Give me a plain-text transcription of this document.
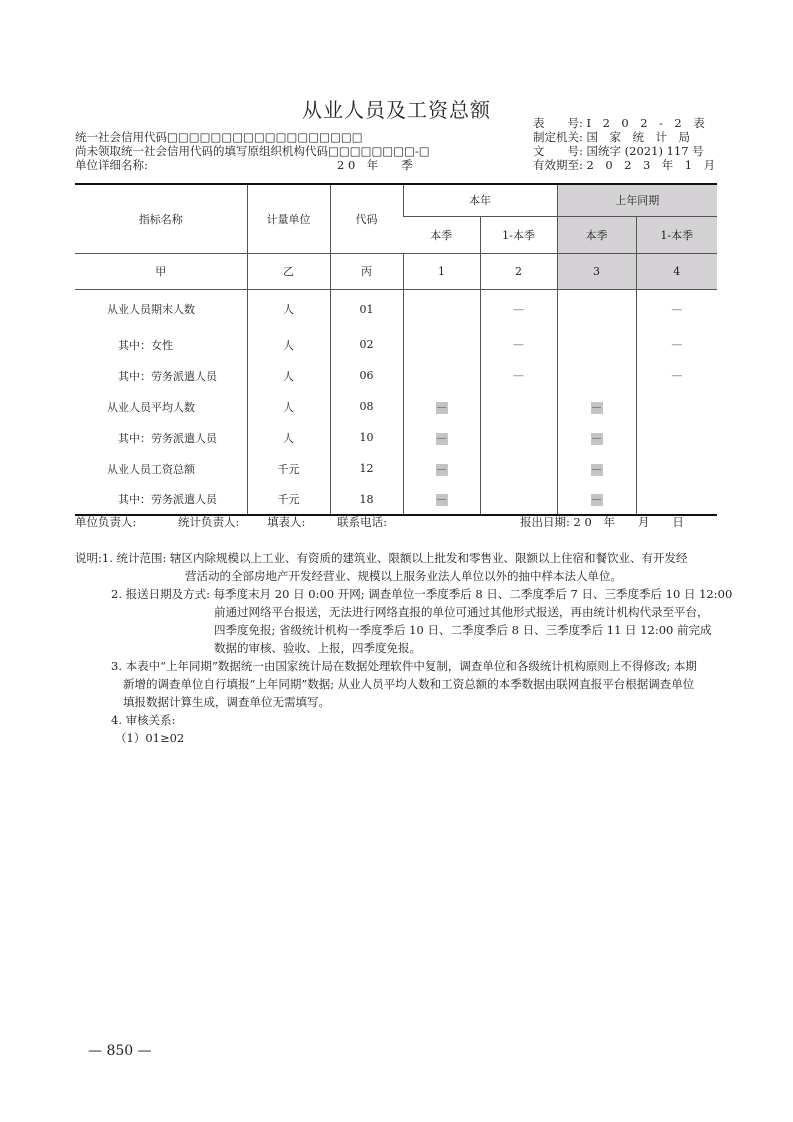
从业人员及工资总额
统一社会信用代码□□□□□□□□□□□□□□□□□□
尚未领取统一社会信用代码的填写原组织机构代码□□□□□□□□-□
单位详细名称:	2 0　年　　季
表　　号: I　2　0　2　-　2　表
制定机关: 国　家　统　计　局
文　　号: 国统字 (2021) 117 号
有效期至: 2　0　2　3　年　1　月
指标名称	计量单位	代码	本年		上年同期	
			本季	1-本季	本季	1-本季
甲	乙	丙	1	2	3	4
从业人员期末人数	人	01		—		—
其中：女性	人	02		—		—
其中：劳务派遣人员	人	06		—		—
从业人员平均人数	人	08	—		—	
其中：劳务派遣人员	人	10	—		—	
从业人员工资总额	千元	12	—		—	
其中：劳务派遣人员	千元	18	—		—	
单位负责人:	统计负责人: 填表人:	联系电话:	报出日期: 2 0　年　　月　　日
说明:1. 统计范围: 辖区内除规模以上工业、有资质的建筑业、限额以上批发和零售业、限额以上住宿和餐饮业、有开发经
营活动的全部房地产开发经营业、规模以上服务业法人单位以外的抽中样本法人单位。
2. 报送日期及方式: 每季度末月 20 日 0:00 开网; 调查单位一季度季后 8 日、二季度季后 7 日、三季度季后 10 日 12:00
前通过网络平台报送，无法进行网络直报的单位可通过其他形式报送，再由统计机构代录至平台，
四季度免报; 省级统计机构一季度季后 10 日、二季度季后 8 日、三季度季后 11 日 12:00 前完成
数据的审核、验收、上报，四季度免报。
3. 本表中“上年同期”数据统一由国家统计局在数据处理软件中复制，调查单位和各级统计机构原则上不得修改; 本期
新增的调查单位自行填报“上年同期”数据; 从业人员平均人数和工资总额的本季数据由联网直报平台根据调查单位
填报数据计算生成，调查单位无需填写。
4. 审核关系:
（1）01≥02
— 850 —
